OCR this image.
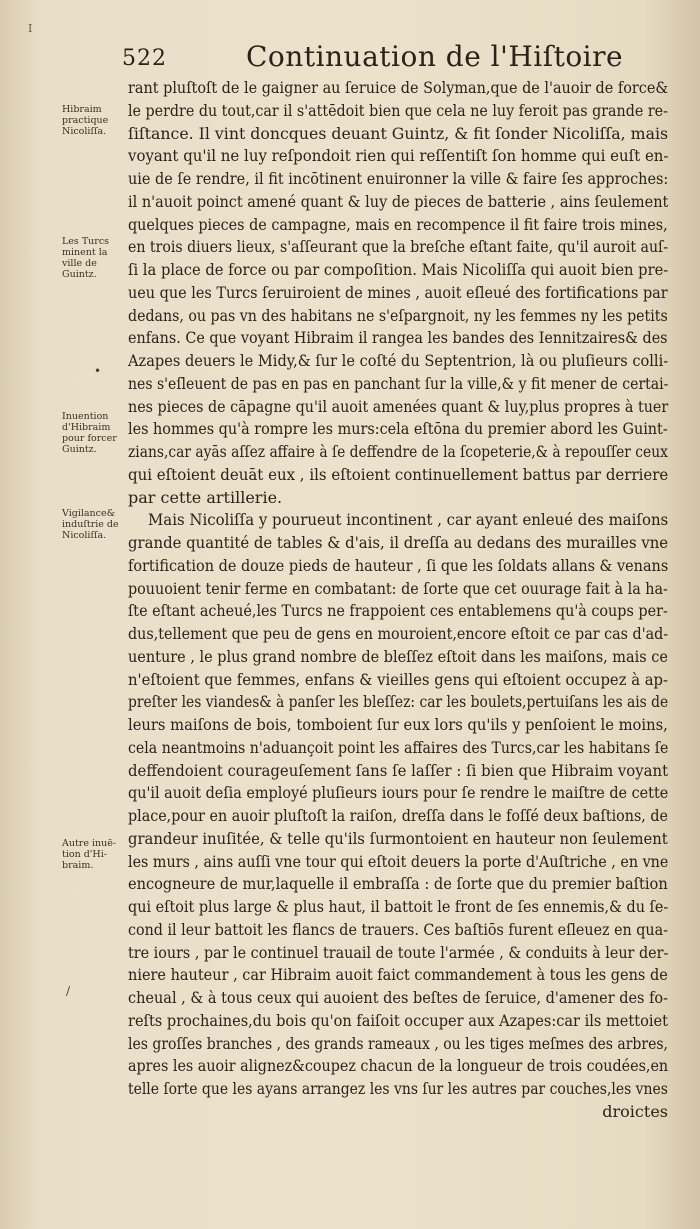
I
522	Continuation de l'Hiſtoire
Hibraim
practique
Nicoliſſa.
Les Turcs
minent la
ville de
Guintz.
Inuention
d'Hibraim
pour forcer
Guintz.
Vigilance&
induſtrie de
Nicoliſſa.
Autre inuē-
tion d'Hi-
braim.
•
/
rant pluſtoſt de le gaigner au ſeruice de Solyman,que de l'auoir de force&
le perdre du tout,car il s'attēdoit bien que cela ne luy feroit pas grande re-
ſiſtance. Il vint doncques deuant Guintz, & fit ſonder Nicoliſſa, mais
voyant qu'il ne luy reſpondoit rien qui reſſentiſt ſon homme qui euſt en-
uie de ſe rendre, il fit incōtinent enuironner la ville & faire ſes approches:
il n'auoit poinct amené quant & luy de pieces de batterie , ains ſeulement
quelques pieces de campagne, mais en recompence il fit faire trois mines,
en trois diuers lieux, s'aſſeurant que la breſche eſtant faite, qu'il auroit auſ-
ſi la place de force ou par compoſition. Mais Nicoliſſa qui auoit bien pre-
ueu que les Turcs ſeruiroient de mines , auoit eſleué des fortifications par
dedans, ou pas vn des habitans ne s'eſpargnoit, ny les femmes ny les petits
enfans. Ce que voyant Hibraim il rangea les bandes des Iennitzaires& des
Azapes deuers le Midy,& ſur le coſté du Septentrion, là ou pluſieurs colli-
nes s'eſleuent de pas en pas en panchant ſur la ville,& y fit mener de certai-
nes pieces de cāpagne qu'il auoit amenées quant & luy,plus propres à tuer
les hommes qu'à rompre les murs:cela eſtōna du premier abord les Guint-
zians,car ayās aſſez affaire à ſe deffendre de la ſcopeterie,& à repouſſer ceux
qui eſtoient deuāt eux , ils eſtoient continuellement battus par derriere
par cette artillerie.
Mais Nicoliſſa y pourueut incontinent , car ayant enleué des maiſons
grande quantité de tables & d'ais, il dreſſa au dedans des murailles vne
fortification de douze pieds de hauteur , ſi que les ſoldats allans & venans
pouuoient tenir ferme en combatant: de ſorte que cet ouurage fait à la ha-
ſte eſtant acheué,les Turcs ne frappoient ces entablemens qu'à coups per-
dus,tellement que peu de gens en mouroient,encore eſtoit ce par cas d'ad-
uenture , le plus grand nombre de bleſſez eſtoit dans les maiſons, mais ce
n'eſtoient que femmes, enfans & vieilles gens qui eſtoient occupez à ap-
preſter les viandes& à panſer les bleſſez: car les boulets,pertuiſans les ais de
leurs maiſons de bois, tomboient ſur eux lors qu'ils y penſoient le moins,
cela neantmoins n'aduançoit point les affaires des Turcs,car les habitans ſe
deffendoient courageuſement ſans ſe laſſer : ſi bien que Hibraim voyant
qu'il auoit deſia employé pluſieurs iours pour ſe rendre le maiſtre de cette
place,pour en auoir pluſtoſt la raiſon, dreſſa dans le foſſé deux baſtions, de
grandeur inuſitée, & telle qu'ils ſurmontoient en hauteur non ſeulement
les murs , ains auſſi vne tour qui eſtoit deuers la porte d'Auſtriche , en vne
encogneure de mur,laquelle il embraſſa : de ſorte que du premier baſtion
qui eſtoit plus large & plus haut, il battoit le front de ſes ennemis,& du ſe-
cond il leur battoit les flancs de trauers. Ces baſtiōs furent eſleuez en qua-
tre iours , par le continuel trauail de toute l'armée , & conduits à leur der-
niere hauteur , car Hibraim auoit faict commandement à tous les gens de
cheual , & à tous ceux qui auoient des beſtes de ſeruice, d'amener des fo-
reſts prochaines,du bois qu'on faiſoit occuper aux Azapes:car ils mettoiet
les groſſes branches , des grands rameaux , ou les tiges meſmes des arbres,
apres les auoir alignez&coupez chacun de la longueur de trois coudées,en
telle ſorte que les ayans arrangez les vns ſur les autres par couches,les vnes
droictes
